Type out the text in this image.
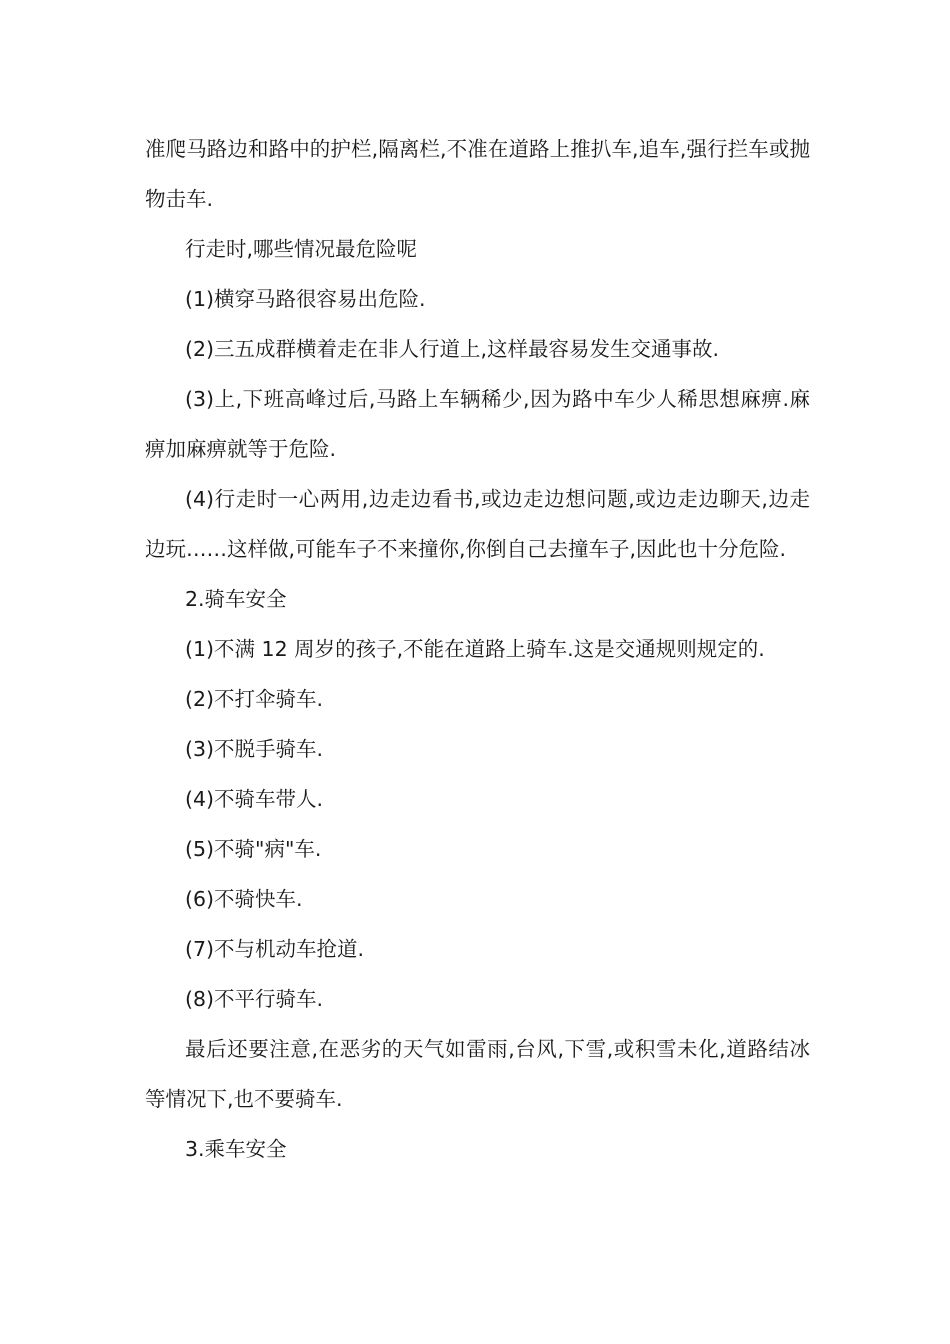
准爬马路边和路中的护栏,隔离栏,不准在道路上推扒车,追车,强行拦车或抛物击车.

行走时,哪些情况最危险呢

(1)横穿马路很容易出危险.

(2)三五成群横着走在非人行道上,这样最容易发生交通事故.

(3)上,下班高峰过后,马路上车辆稀少,因为路中车少人稀思想麻痹.麻痹加麻痹就等于危险.

(4)行走时一心两用,边走边看书,或边走边想问题,或边走边聊天,边走边玩……这样做,可能车子不来撞你,你倒自己去撞车子,因此也十分危险.

2.骑车安全

(1)不满 12 周岁的孩子,不能在道路上骑车.这是交通规则规定的.

(2)不打伞骑车.

(3)不脱手骑车.

(4)不骑车带人.

(5)不骑"病"车.

(6)不骑快车.

(7)不与机动车抢道.

(8)不平行骑车.

最后还要注意,在恶劣的天气如雷雨,台风,下雪,或积雪未化,道路结冰等情况下,也不要骑车.

3.乘车安全
